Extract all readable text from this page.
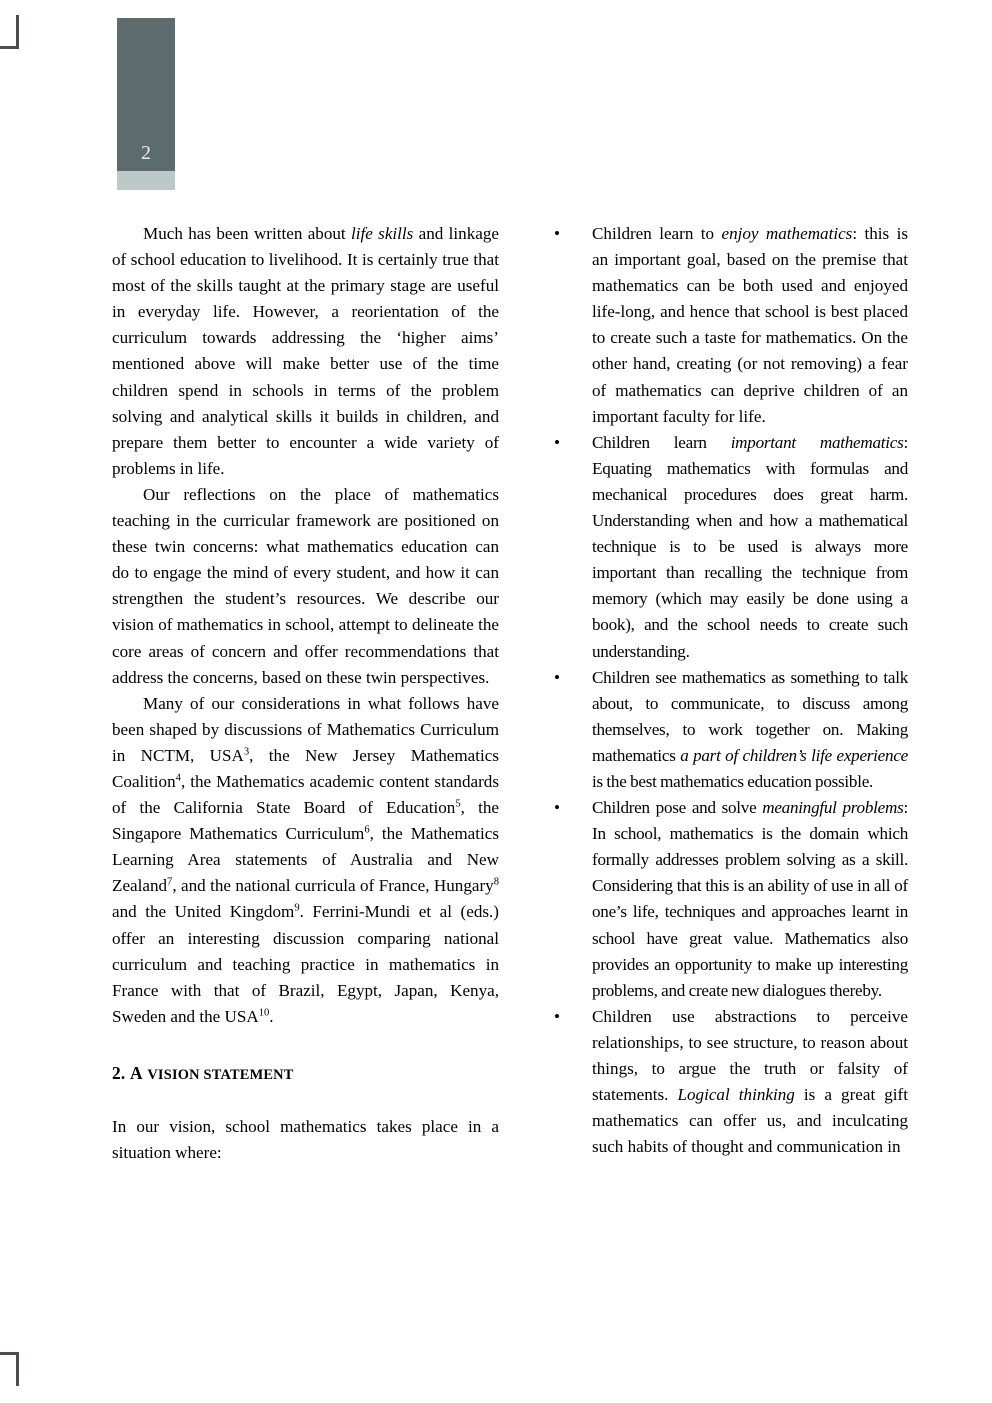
2

Much has been written about life skills and linkage of school education to livelihood. It is certainly true that most of the skills taught at the primary stage are useful in everyday life. However, a reorientation of the curriculum towards addressing the ‘higher aims’ mentioned above will make better use of the time children spend in schools in terms of the problem solving and analytical skills it builds in children, and prepare them better to encounter a wide variety of problems in life.

Our reflections on the place of mathematics teaching in the curricular framework are positioned on these twin concerns: what mathematics education can do to engage the mind of every student, and how it can strengthen the student’s resources. We describe our vision of mathematics in school, attempt to delineate the core areas of concern and offer recommendations that address the concerns, based on these twin perspectives.

Many of our considerations in what follows have been shaped by discussions of Mathematics Curriculum in NCTM, USA$^3$, the New Jersey Mathematics Coalition$^4$, the Mathematics academic content standards of the California State Board of Education$^5$, the Singapore Mathematics Curriculum$^6$, the Mathematics Learning Area statements of Australia and New Zealand$^7$, and the national curricula of France, Hungary$^8$ and the United Kingdom$^9$. Ferrini-Mundi et al (eds.) offer an interesting discussion comparing national curriculum and teaching practice in mathematics in France with that of Brazil, Egypt, Japan, Kenya, Sweden and the USA$^{10}$.

2. A VISION STATEMENT

In our vision, school mathematics takes place in a situation where:

• Children learn to enjoy mathematics: this is an important goal, based on the premise that mathematics can be both used and enjoyed life-long, and hence that school is best placed to create such a taste for mathematics. On the other hand, creating (or not removing) a fear of mathematics can deprive children of an important faculty for life.
• Children learn important mathematics: Equating mathematics with formulas and mechanical procedures does great harm. Understanding when and how a mathematical technique is to be used is always more important than recalling the technique from memory (which may easily be done using a book), and the school needs to create such understanding.
• Children see mathematics as something to talk about, to communicate, to discuss among themselves, to work together on. Making mathematics a part of children’s life experience is the best mathematics education possible.
• Children pose and solve meaningful problems: In school, mathematics is the domain which formally addresses problem solving as a skill. Considering that this is an ability of use in all of one’s life, techniques and approaches learnt in school have great value. Mathematics also provides an opportunity to make up interesting problems, and create new dialogues thereby.
• Children use abstractions to perceive relationships, to see structure, to reason about things, to argue the truth or falsity of statements. Logical thinking is a great gift mathematics can offer us, and inculcating such habits of thought and communication in
